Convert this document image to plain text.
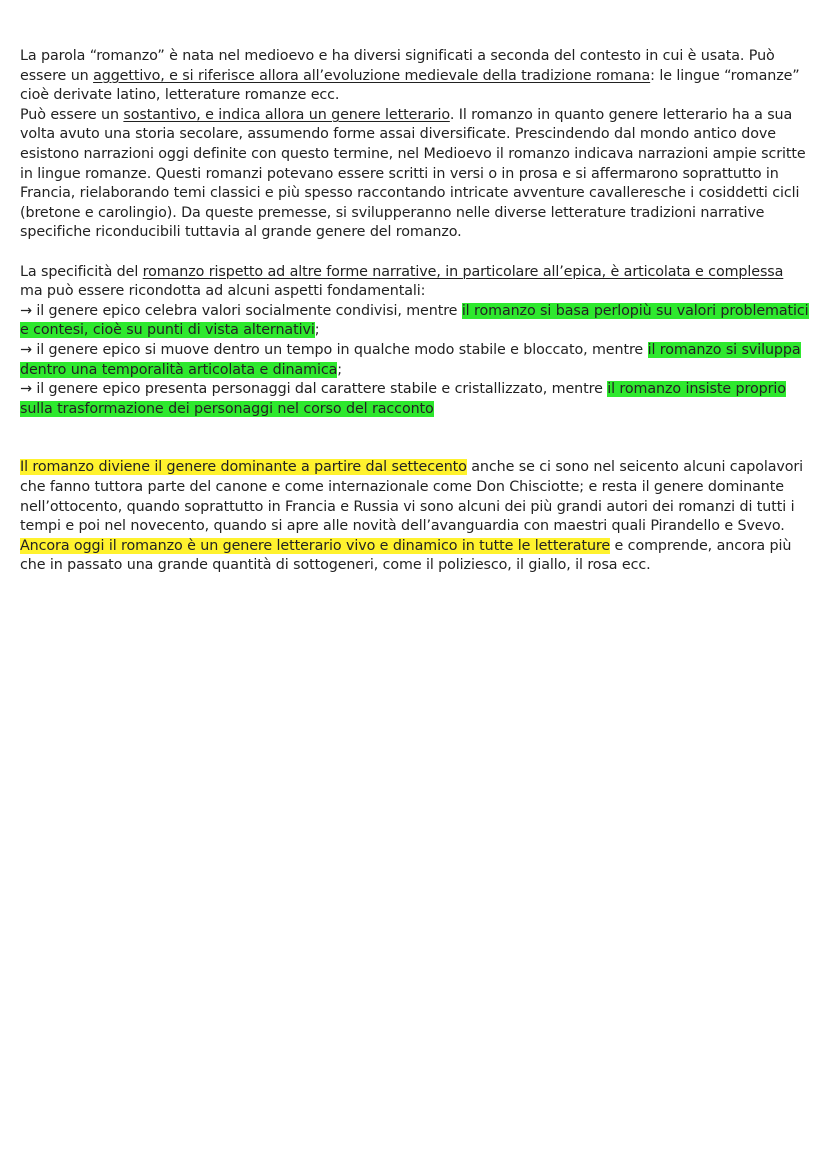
La parola “romanzo” è nata nel medioevo e ha diversi significati a seconda del contesto in cui è usata. Può essere un aggettivo, e si riferisce allora all’evoluzione medievale della tradizione romana: le lingue “romanze” cioè derivate latino, letterature romanze ecc.
Può essere un sostantivo, e indica allora un genere letterario. Il romanzo in quanto genere letterario ha a sua volta avuto una storia secolare, assumendo forme assai diversificate. Prescindendo dal mondo antico dove esistono narrazioni oggi definite con questo termine, nel Medioevo il romanzo indicava narrazioni ampie scritte in lingue romanze. Questi romanzi potevano essere scritti in versi o in prosa e si affermarono soprattutto in Francia, rielaborando temi classici e più spesso raccontando intricate avventure cavalleresche i cosiddetti cicli (bretone e carolingio). Da queste premesse, si svilupperanno nelle diverse letterature tradizioni narrative specifiche riconducibili tuttavia al grande genere del romanzo.

La specificità del romanzo rispetto ad altre forme narrative, in particolare all’epica, è articolata e complessa ma può essere ricondotta ad alcuni aspetti fondamentali:
→ il genere epico celebra valori socialmente condivisi, mentre il romanzo si basa perlopiù su valori problematici e contesi, cioè su punti di vista alternativi;
→ il genere epico si muove dentro un tempo in qualche modo stabile e bloccato, mentre il romanzo si sviluppa dentro una temporalità articolata e dinamica;
→ il genere epico presenta personaggi dal carattere stabile e cristallizzato, mentre il romanzo insiste proprio sulla trasformazione dei personaggi nel corso del racconto

Il romanzo diviene il genere dominante a partire dal settecento anche se ci sono nel seicento alcuni capolavori che fanno tuttora parte del canone e come internazionale come Don Chisciotte; e resta il genere dominante nell’ottocento, quando soprattutto in Francia e Russia vi sono alcuni dei più grandi autori dei romanzi di tutti i tempi e poi nel novecento, quando si apre alle novità dell’avanguardia con maestri quali Pirandello e Svevo. Ancora oggi il romanzo è un genere letterario vivo e dinamico in tutte le letterature e comprende, ancora più che in passato una grande quantità di sottogeneri, come il poliziesco, il giallo, il rosa ecc.
